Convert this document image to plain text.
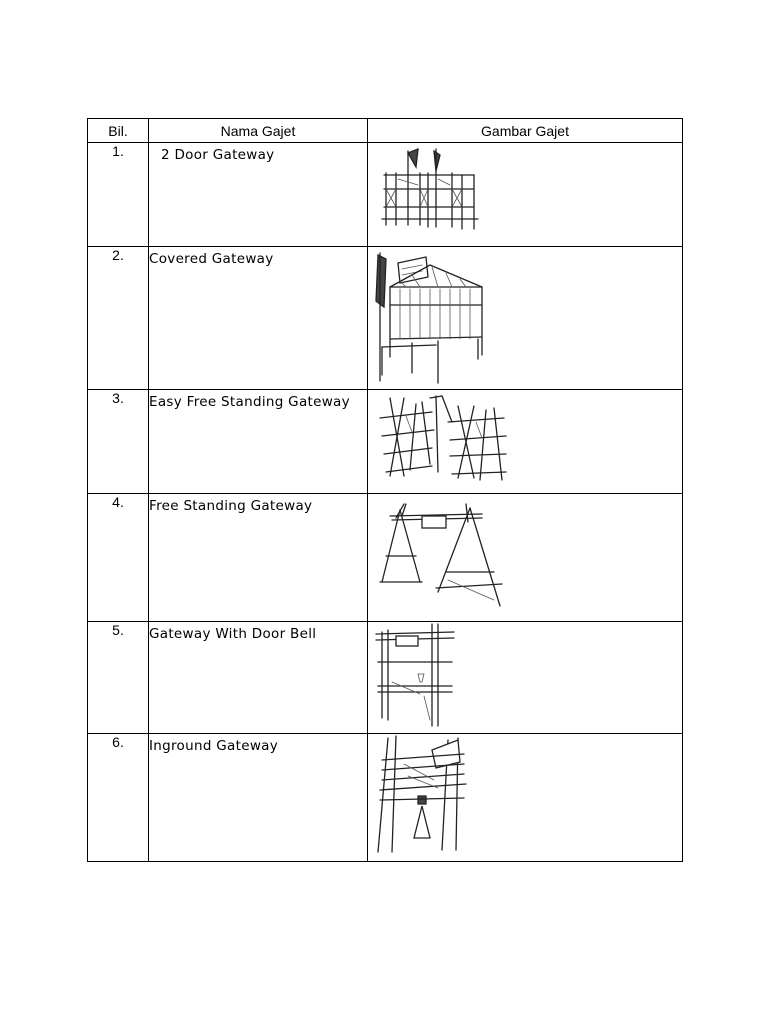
Bil.	Nama Gajet	Gambar Gajet
1.	2 Door Gateway	

2.	Covered Gateway	

3.	Easy Free Standing Gateway	

4.	Free Standing Gateway	

5.	Gateway With Door Bell	

6.	Inground Gateway	
